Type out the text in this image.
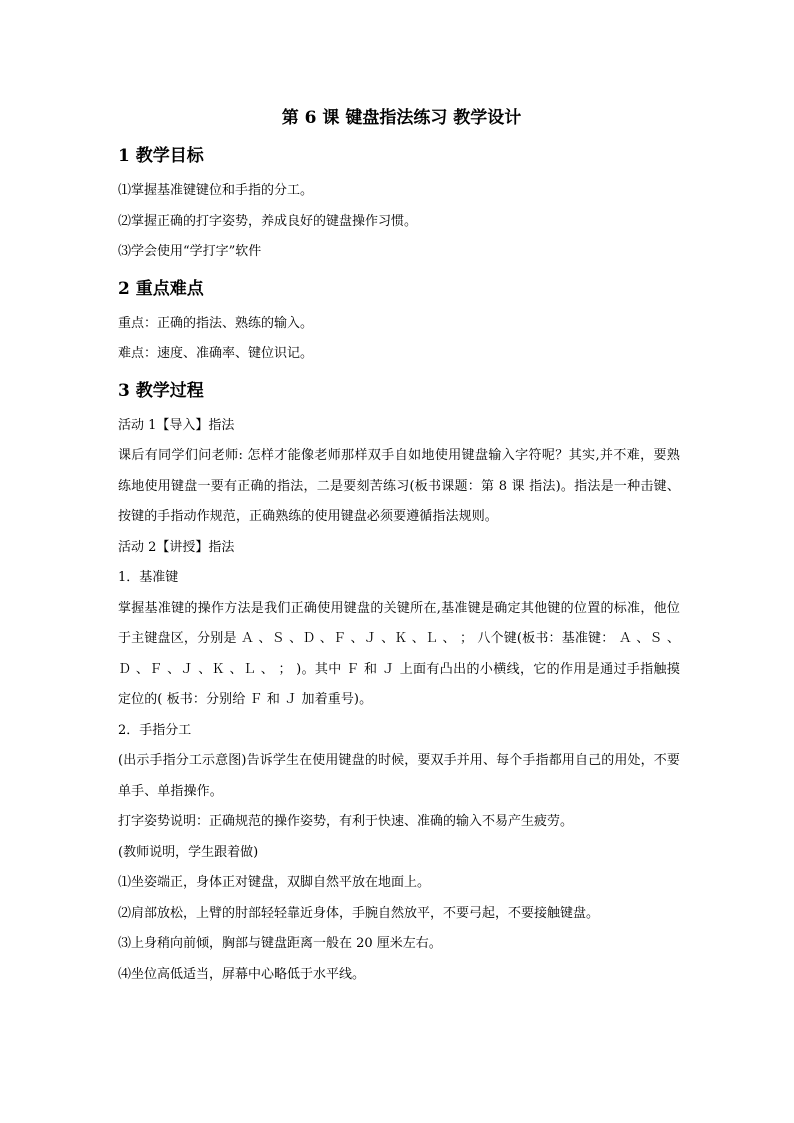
第 6 课 键盘指法练习 教学设计
1 教学目标

⑴掌握基准键键位和手指的分工。

⑵掌握正确的打字姿势，养成良好的键盘操作习惯。

⑶学会使用“学打字”软件

2 重点难点

重点：正确的指法、熟练的输入。

难点：速度、准确率、键位识记。

3 教学过程

活动 1【导入】指法

课后有同学们问老师: 怎样才能像老师那样双手自如地使用键盘输入字符呢？其实,并不难，要熟练地使用键盘一要有正确的指法，二是要刻苦练习(板书课题：第 8 课 指法)。指法是一种击键、按键的手指动作规范，正确熟练的使用键盘必须要遵循指法规则。

活动 2【讲授】指法

1．基准键

掌握基准键的操作方法是我们正确使用键盘的关键所在,基准键是确定其他键的位置的标准，他位于主键盘区，分别是 Ａ 、Ｓ 、Ｄ 、Ｆ 、Ｊ 、Ｋ 、Ｌ 、 ； 八个键(板书：基准键： Ａ 、Ｓ 、Ｄ 、Ｆ 、Ｊ 、Ｋ 、Ｌ 、 ； )。其中 Ｆ 和 Ｊ 上面有凸出的小横线，它的作用是通过手指触摸定位的( 板书：分别给 Ｆ 和 Ｊ 加着重号)。

2．手指分工

(出示手指分工示意图)告诉学生在使用键盘的时候，要双手并用、每个手指都用自己的用处，不要单手、单指操作。

打字姿势说明：正确规范的操作姿势，有利于快速、准确的输入不易产生疲劳。

(教师说明，学生跟着做)

⑴坐姿端正，身体正对键盘，双脚自然平放在地面上。

⑵肩部放松，上臂的肘部轻轻靠近身体，手腕自然放平，不要弓起，不要接触键盘。

⑶上身稍向前倾，胸部与键盘距离一般在 20 厘米左右。

⑷坐位高低适当，屏幕中心略低于水平线。
